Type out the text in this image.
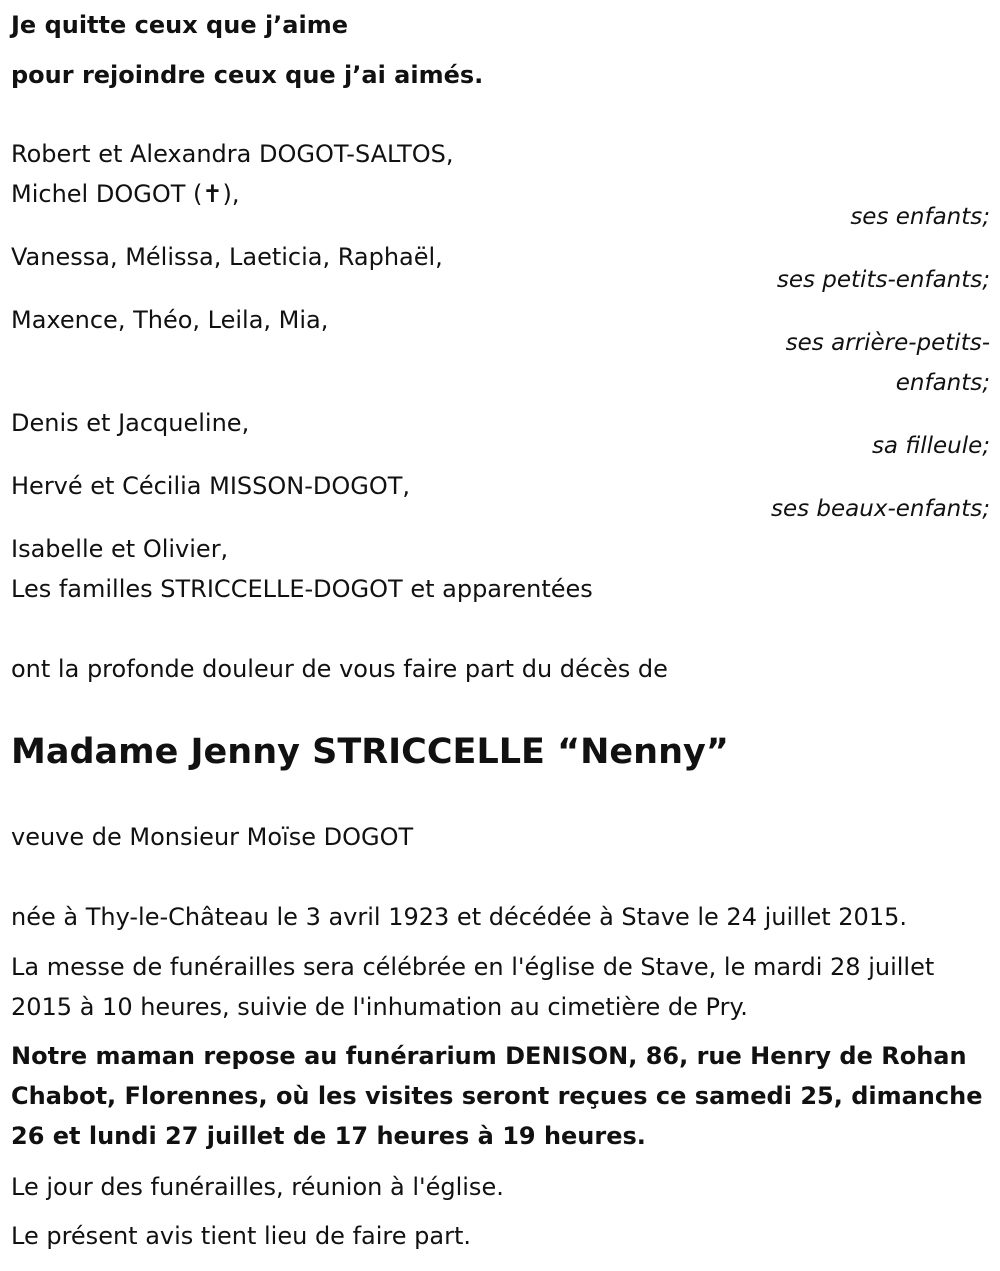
Je quitte ceux que j’aime
pour rejoindre ceux que j’ai aimés.
Robert et Alexandra DOGOT-SALTOS,
Michel DOGOT (✝),
ses enfants;
Vanessa, Mélissa, Laeticia, Raphaël,
ses petits-enfants;
Maxence, Théo, Leila, Mia,
ses arrière-petits-
enfants;
Denis et Jacqueline,
sa filleule;
Hervé et Cécilia MISSON-DOGOT,
ses beaux-enfants;
Isabelle et Olivier,
Les familles STRICCELLE-DOGOT et apparentées
ont la profonde douleur de vous faire part du décès de
Madame Jenny STRICCELLE “Nenny”
veuve de Monsieur Moïse DOGOT
née à Thy-le-Château le 3 avril 1923 et décédée à Stave le 24 juillet 2015.

La messe de funérailles sera célébrée en l'église de Stave, le mardi 28 juillet 2015 à 10 heures, suivie de l'inhumation au cimetière de Pry.

Notre maman repose au funérarium DENISON, 86, rue Henry de Rohan Chabot, Florennes, où les visites seront reçues ce samedi 25, dimanche 26 et lundi 27 juillet de 17 heures à 19 heures.

Le jour des funérailles, réunion à l'église.
Le présent avis tient lieu de faire part.
